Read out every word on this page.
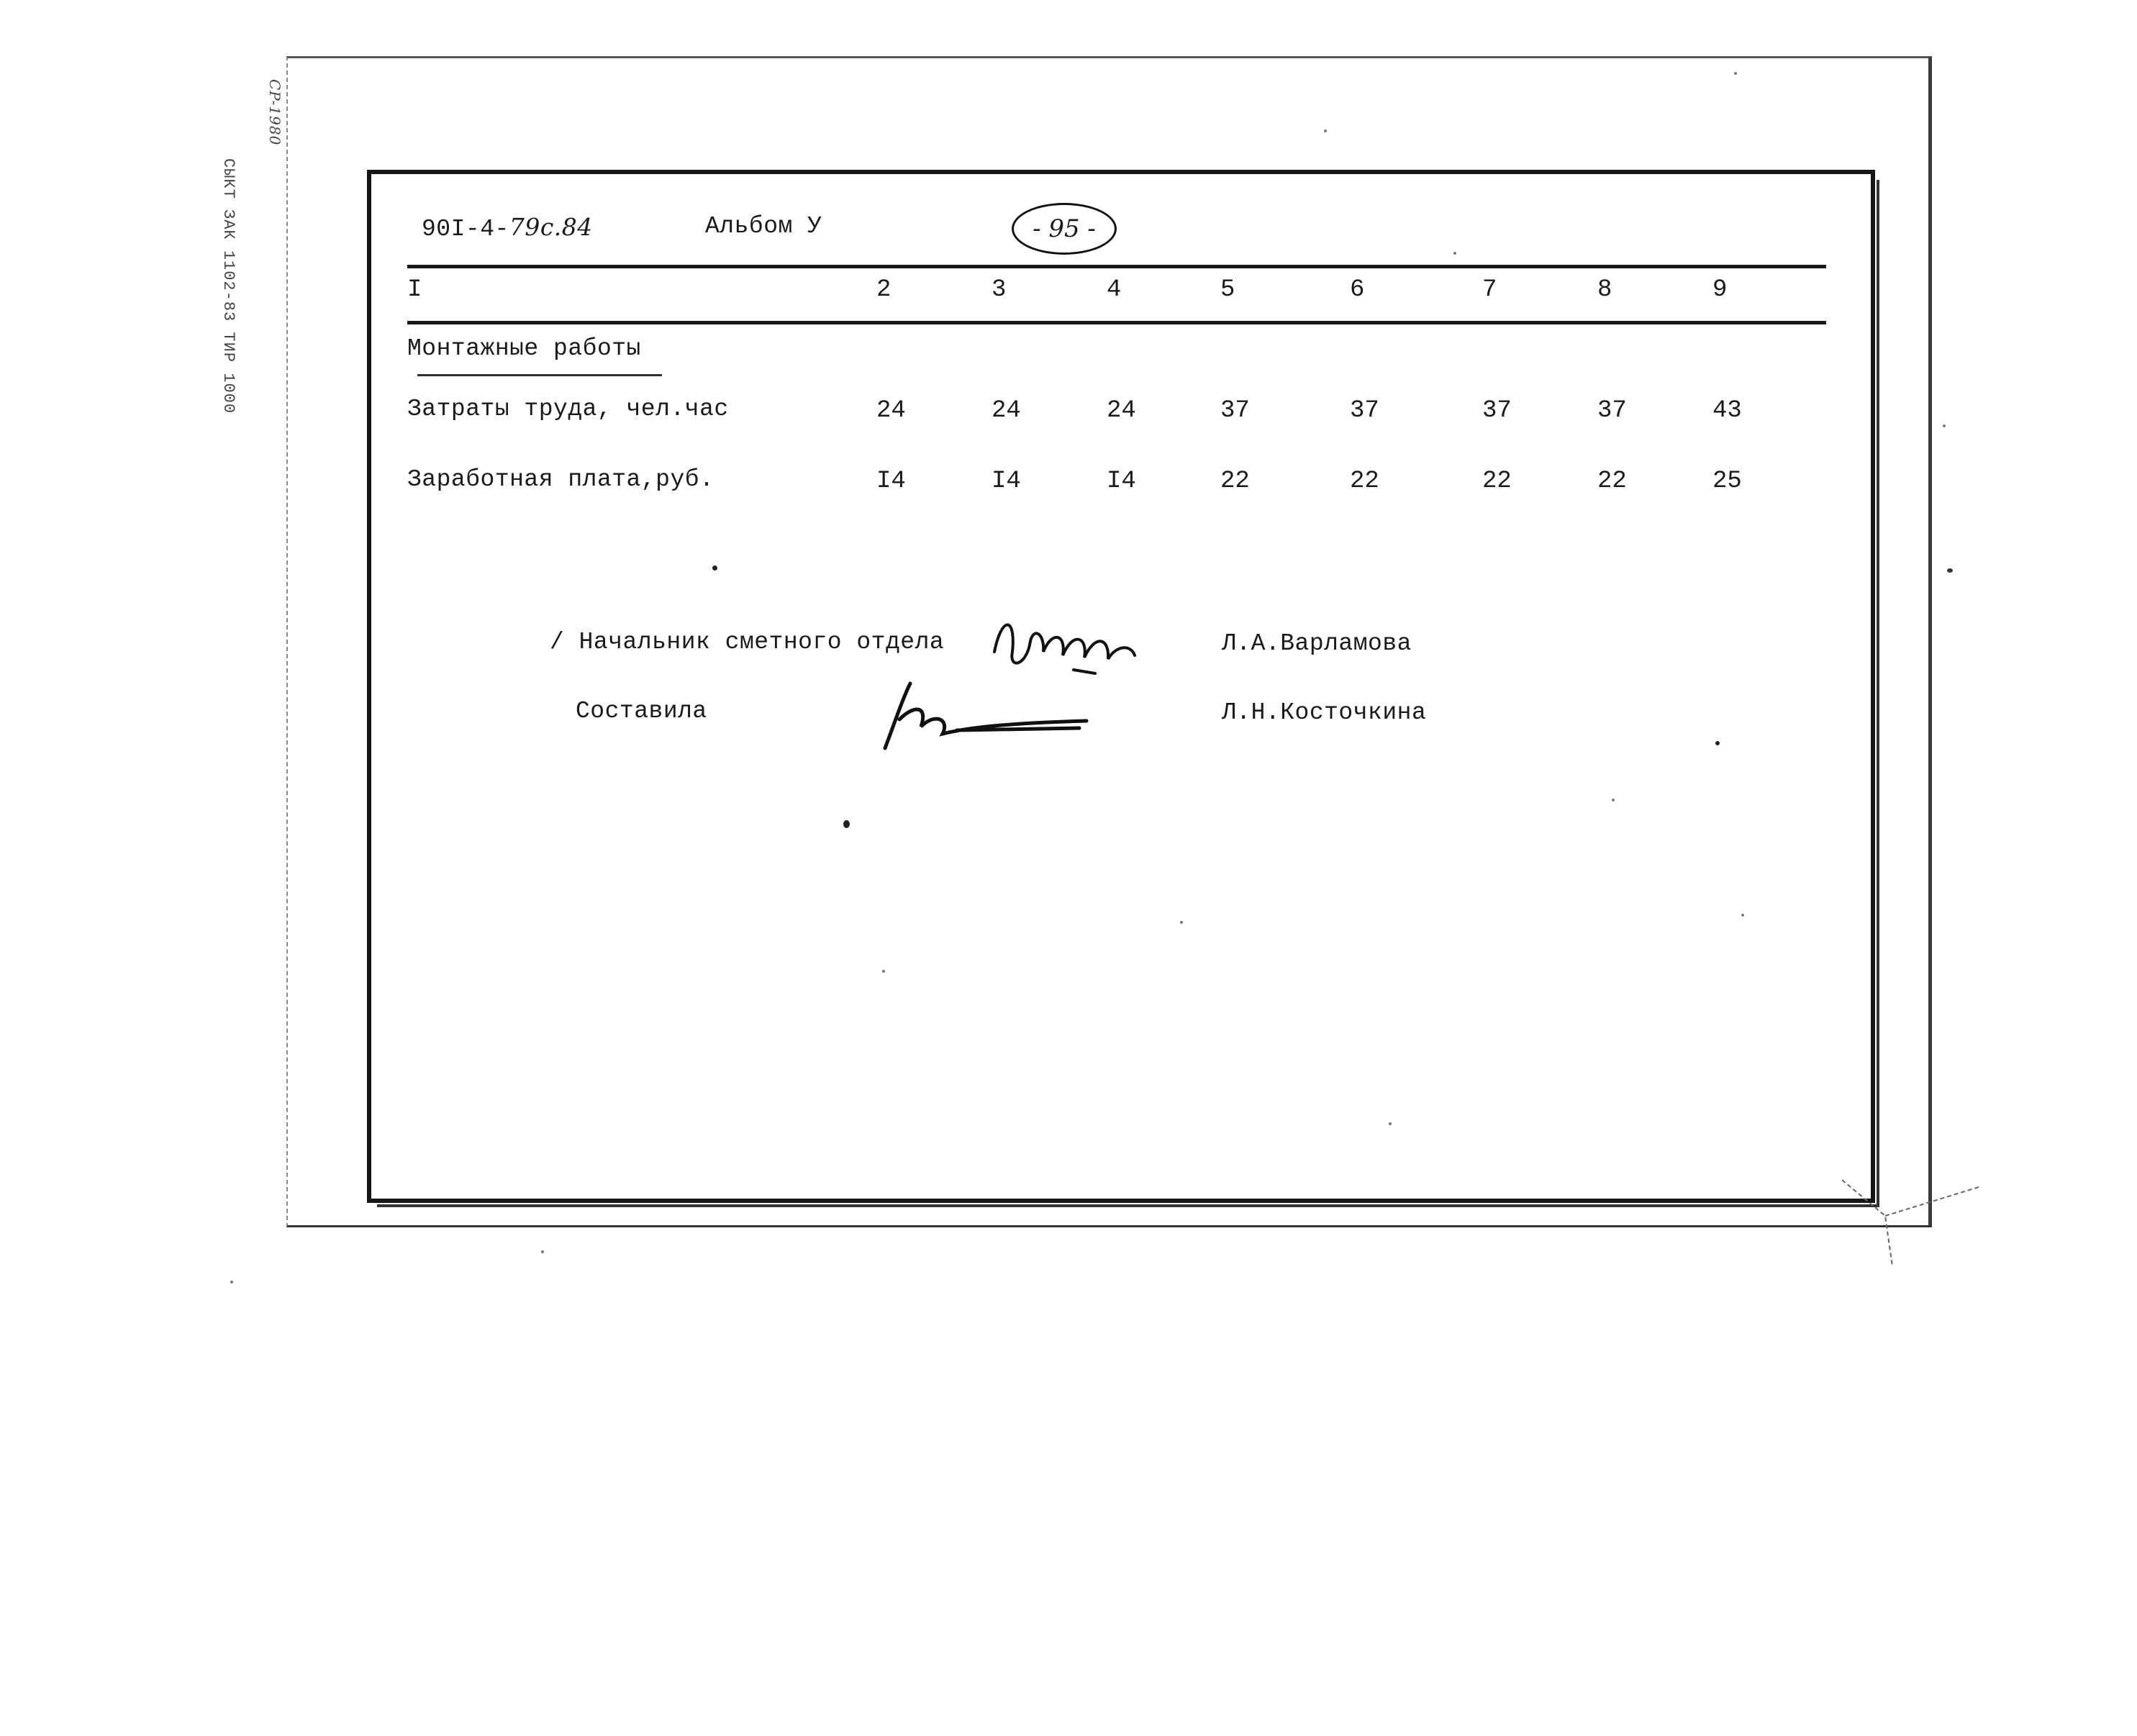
СЫКТ ЗАК 1102-83 ТИР 1000
CP-1980
90I-4-79с.84	Альбом У	- 95 -
I	2	3	4	5	6	7	8	9
Монтажные работы
Затраты труда, чел.час	24	24	24	37	37	37	37	43
Заработная плата,руб.	I4	I4	I4	22	22	22	22	25
/ Начальник сметного отдела	Л.А.Варламова
Составила	Л.Н.Косточкина
